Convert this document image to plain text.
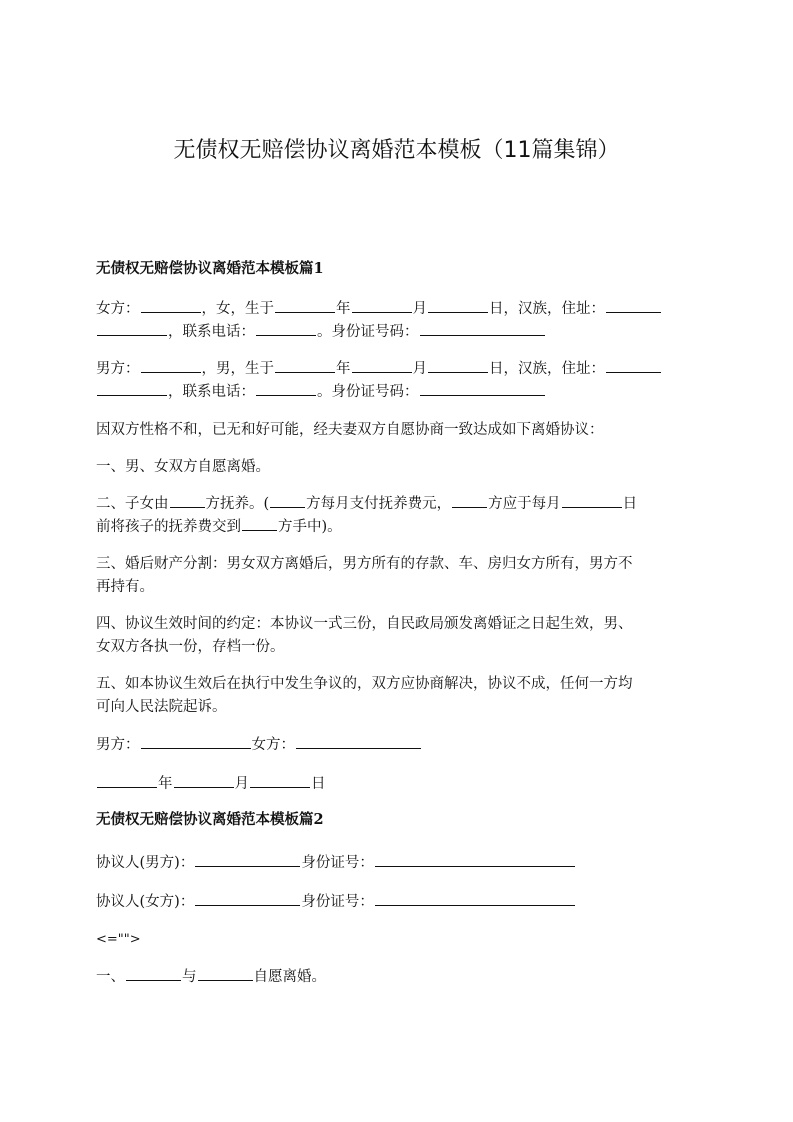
无债权无赔偿协议离婚范本模板（11篇集锦）

无债权无赔偿协议离婚范本模板篇1

女方：	，女，生于	年	月	日，汉族，住址：

，联系电话：	。身份证号码：

男方：	，男，生于	年	月	日，汉族，住址：

，联系电话：	。身份证号码：

因双方性格不和，已无和好可能，经夫妻双方自愿协商一致达成如下离婚协议：

一、男、女双方自愿离婚。

二、子女由	方抚养。(	方每月支付抚养费元，	方应于每月	日

前将孩子的抚养费交到	方手中)。

三、婚后财产分割：男女双方离婚后，男方所有的存款、车、房归女方所有，男方不

再持有。

四、协议生效时间的约定：本协议一式三份，自民政局颁发离婚证之日起生效，男、

女双方各执一份，存档一份。

五、如本协议生效后在执行中发生争议的，双方应协商解决，协议不成，任何一方均

可向人民法院起诉。

男方：	女方：

年	月	日

无债权无赔偿协议离婚范本模板篇2

协议人(男方)：	身份证号：

协议人(女方)：	身份证号：

<="">

一、	与	自愿离婚。
